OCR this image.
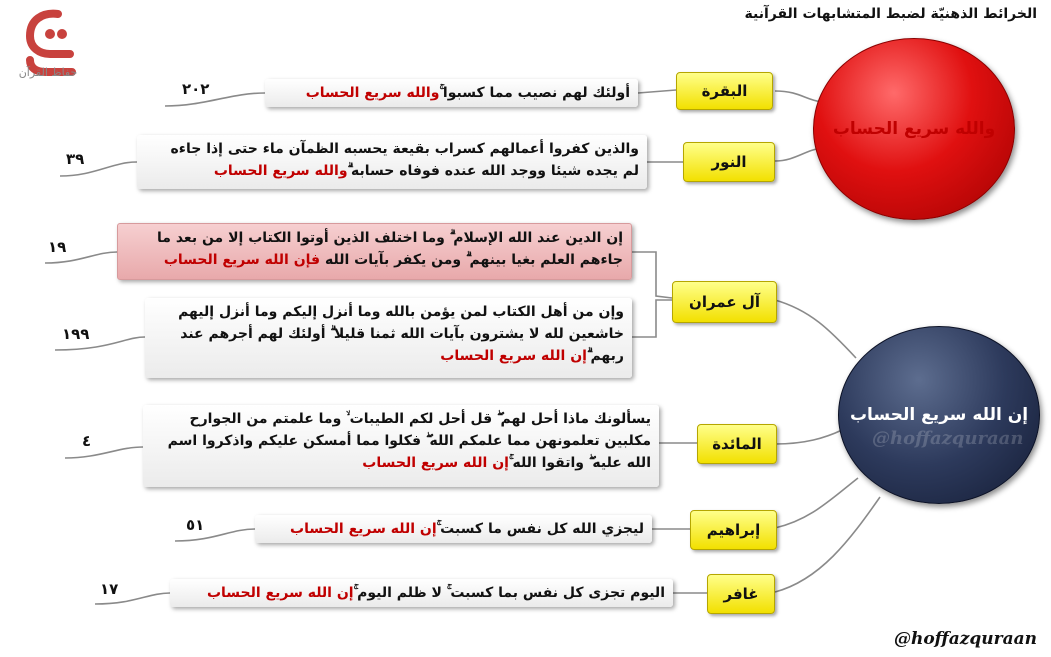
الخرائط الذهنيّة لضبط المتشابهات القرآنية
حفاظ القرآن
والله سريع الحساب
إن الله سريع الحساب
@hoffazquraan
البقرة
النور
آل عمران
المائدة
إبراهيم
غافر
أولئك لهم نصيب مما كسبوا ۚوالله سريع الحساب
والذين كفروا أعمالهم كسراب بقيعة يحسبه الظمآن ماء حتى إذا جاءه
لم يجده شيئا ووجد الله عنده فوفاه حسابه ۗوالله سريع الحساب
إن الدين عند الله الإسلام ۗ وما اختلف الذين أوتوا الكتاب إلا من بعد ما
جاءهم العلم بغيا بينهم ۗ ومن يكفر بآيات الله فإن الله سريع الحساب
وإن من أهل الكتاب لمن يؤمن بالله وما أنزل إليكم وما أنزل إليهم
خاشعين لله لا يشترون بآيات الله ثمنا قليلا ۗ أولئك لهم أجرهم عند
ربهم ۗإن الله سريع الحساب
يسألونك ماذا أحل لهم ۖ قل أحل لكم الطيبات ۙ وما علمتم من الجوارح
مكلبين تعلمونهن مما علمكم الله ۖ فكلوا مما أمسكن عليكم واذكروا اسم
الله عليه ۖ واتقوا الله ۚإن الله سريع الحساب
ليجزي الله كل نفس ما كسبت ۚإن الله سريع الحساب
اليوم تجزى كل نفس بما كسبت ۚ لا ظلم اليوم ۚإن الله سريع الحساب
٢٠٢
٣٩
١٩
١٩٩
٤
٥١
١٧
@hoffazquraan
